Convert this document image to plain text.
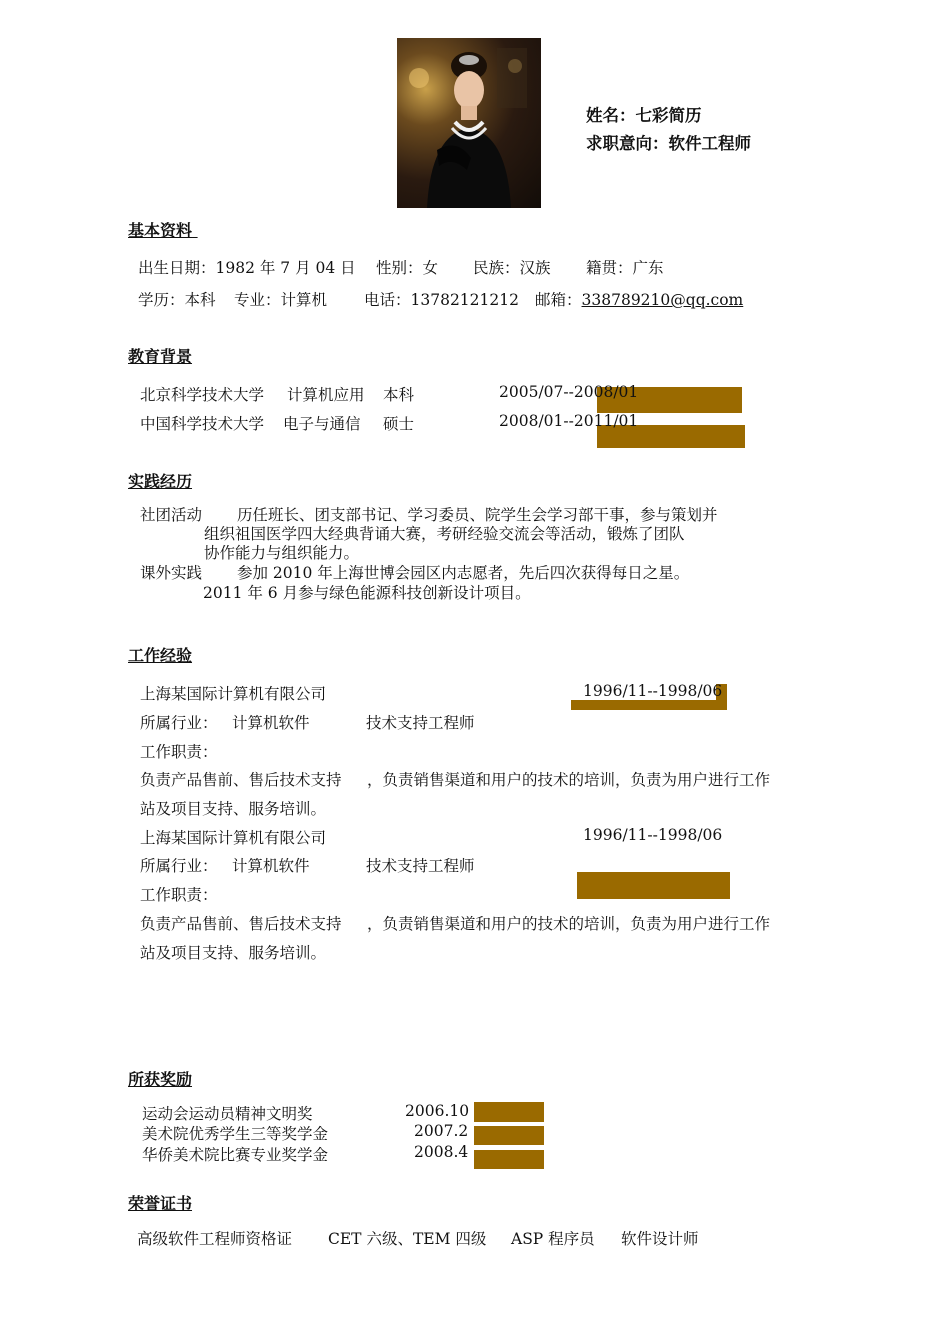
姓名：七彩简历
求职意向：软件工程师
基本资料
出生日期：1982 年 7 月 04 日 性别：女 民族：汉族 籍贯：广东
学历：本科 专业：计算机 电话：13782121212 邮箱：338789210@qq.com
教育背景
北京科学技术大学 计算机应用 本科	2005/07--2008/01
中国科学技术大学 电子与通信 硕士	2008/01--2011/01
实践经历
社团活动 历任班长、团支部书记、学习委员、院学生会学习部干事，参与策划并
组织祖国医学四大经典背诵大赛，考研经验交流会等活动，锻炼了团队
协作能力与组织能力。
课外实践 参加 2010 年上海世博会园区内志愿者，先后四次获得每日之星。
2011 年 6 月参与绿色能源科技创新设计项目。
工作经验
上海某国际计算机有限公司	1996/11--1998/06
所属行业： 计算机软件	技术支持工程师
工作职责：
负责产品售前、售后技术支持 ，负责销售渠道和用户的技术的培训，负责为用户进行工作
站及项目支持、服务培训。
上海某国际计算机有限公司	1996/11--1998/06
所属行业： 计算机软件	技术支持工程师
工作职责：
负责产品售前、售后技术支持 ，负责销售渠道和用户的技术的培训，负责为用户进行工作
站及项目支持、服务培训。
所获奖励
运动会运动员精神文明奖	2006.10
美术院优秀学生三等奖学金	2007.2
华侨美术院比赛专业奖学金	2008.4
荣誉证书
高级软件工程师资格证 CET 六级、TEM 四级 ASP 程序员 软件设计师
